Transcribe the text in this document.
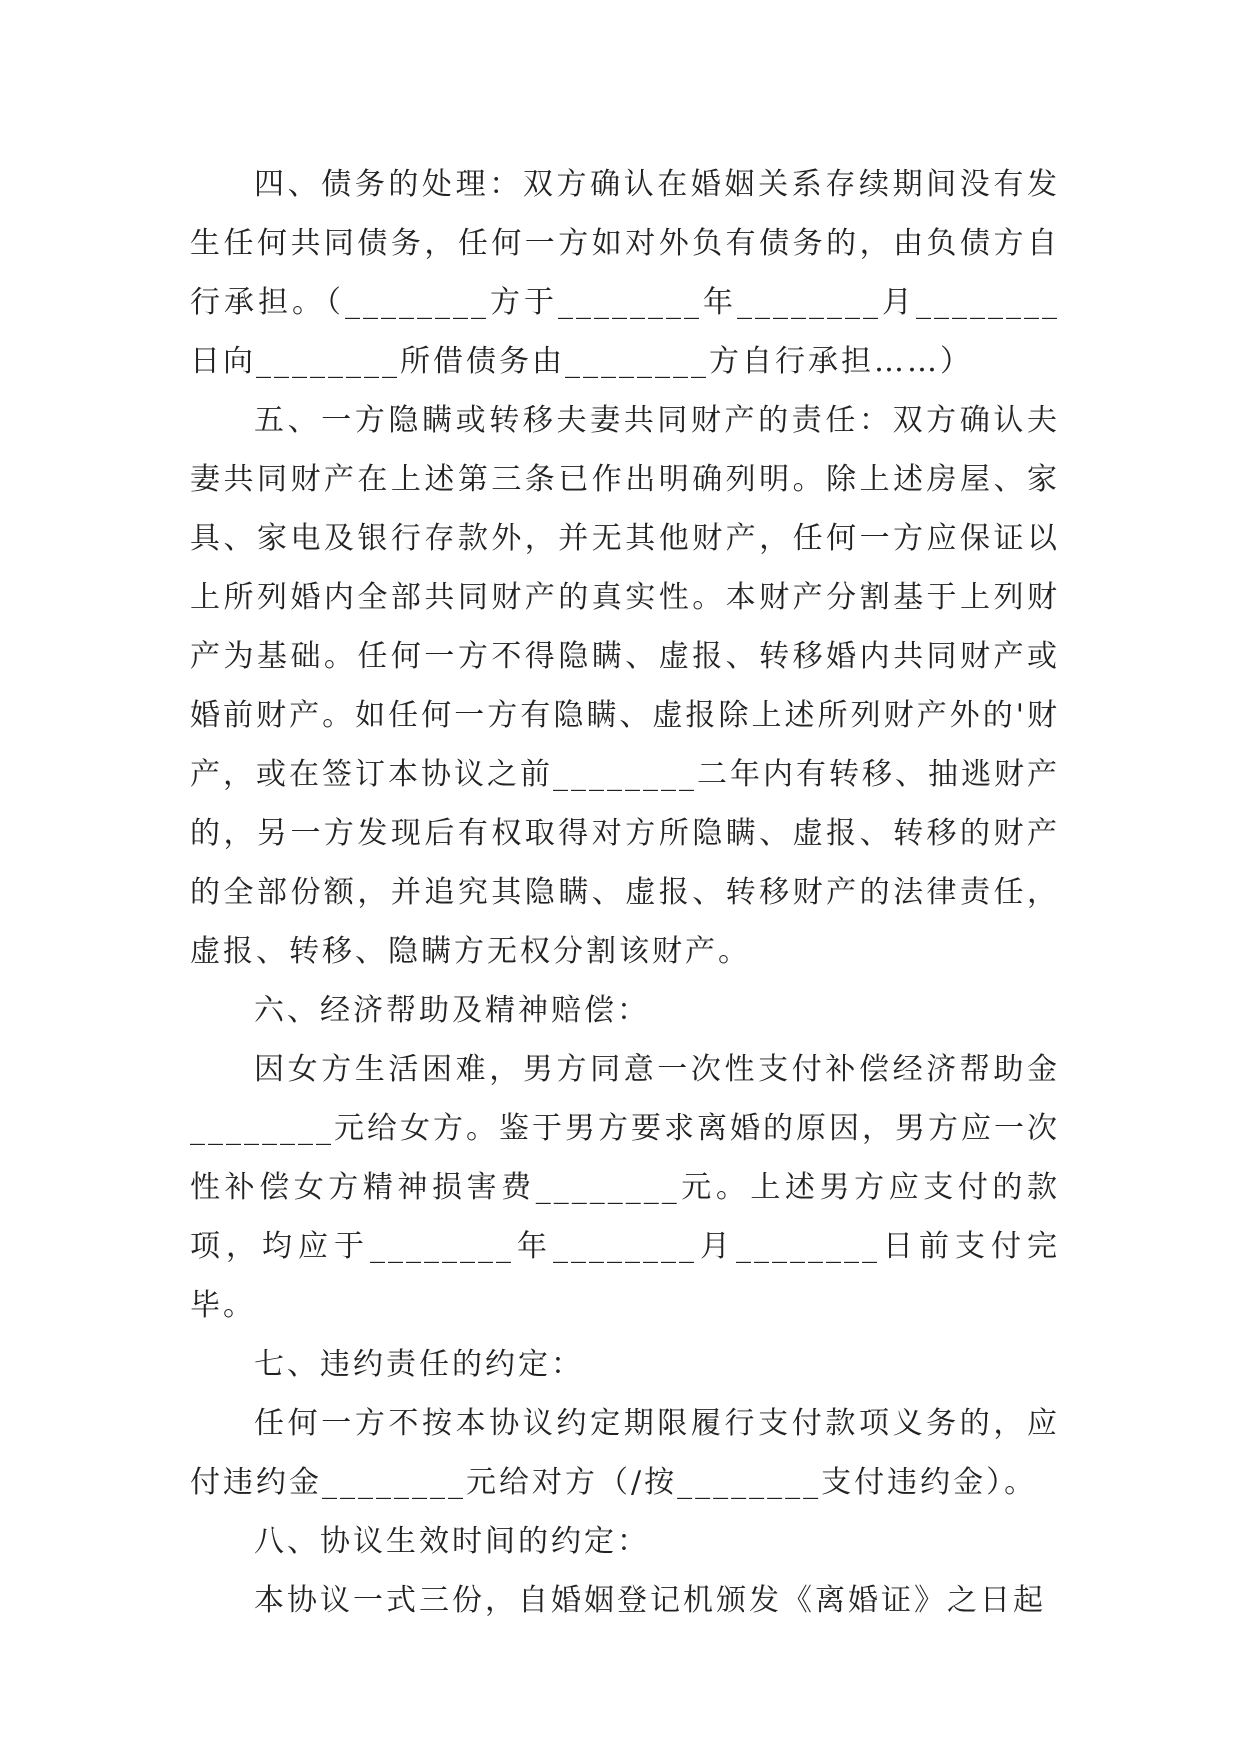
四、债务的处理：双方确认在婚姻关系存续期间没有发生任何共同债务，任何一方如对外负有债务的，由负债方自行承担。（________方于________年________月________日向________所借债务由________方自行承担……）

五、一方隐瞒或转移夫妻共同财产的责任：双方确认夫妻共同财产在上述第三条已作出明确列明。除上述房屋、家具、家电及银行存款外，并无其他财产，任何一方应保证以上所列婚内全部共同财产的真实性。本财产分割基于上列财产为基础。任何一方不得隐瞒、虚报、转移婚内共同财产或婚前财产。如任何一方有隐瞒、虚报除上述所列财产外的'财产，或在签订本协议之前________二年内有转移、抽逃财产的，另一方发现后有权取得对方所隐瞒、虚报、转移的财产的全部份额，并追究其隐瞒、虚报、转移财产的法律责任，虚报、转移、隐瞒方无权分割该财产。

六、经济帮助及精神赔偿：

因女方生活困难，男方同意一次性支付补偿经济帮助金________元给女方。鉴于男方要求离婚的原因，男方应一次性补偿女方精神损害费________元。上述男方应支付的款项，均应于________年________月________日前支付完毕。

七、违约责任的约定：

任何一方不按本协议约定期限履行支付款项义务的，应付违约金________元给对方（/按________支付违约金）。

八、协议生效时间的约定：

本协议一式三份，自婚姻登记机颁发《离婚证》之日起
